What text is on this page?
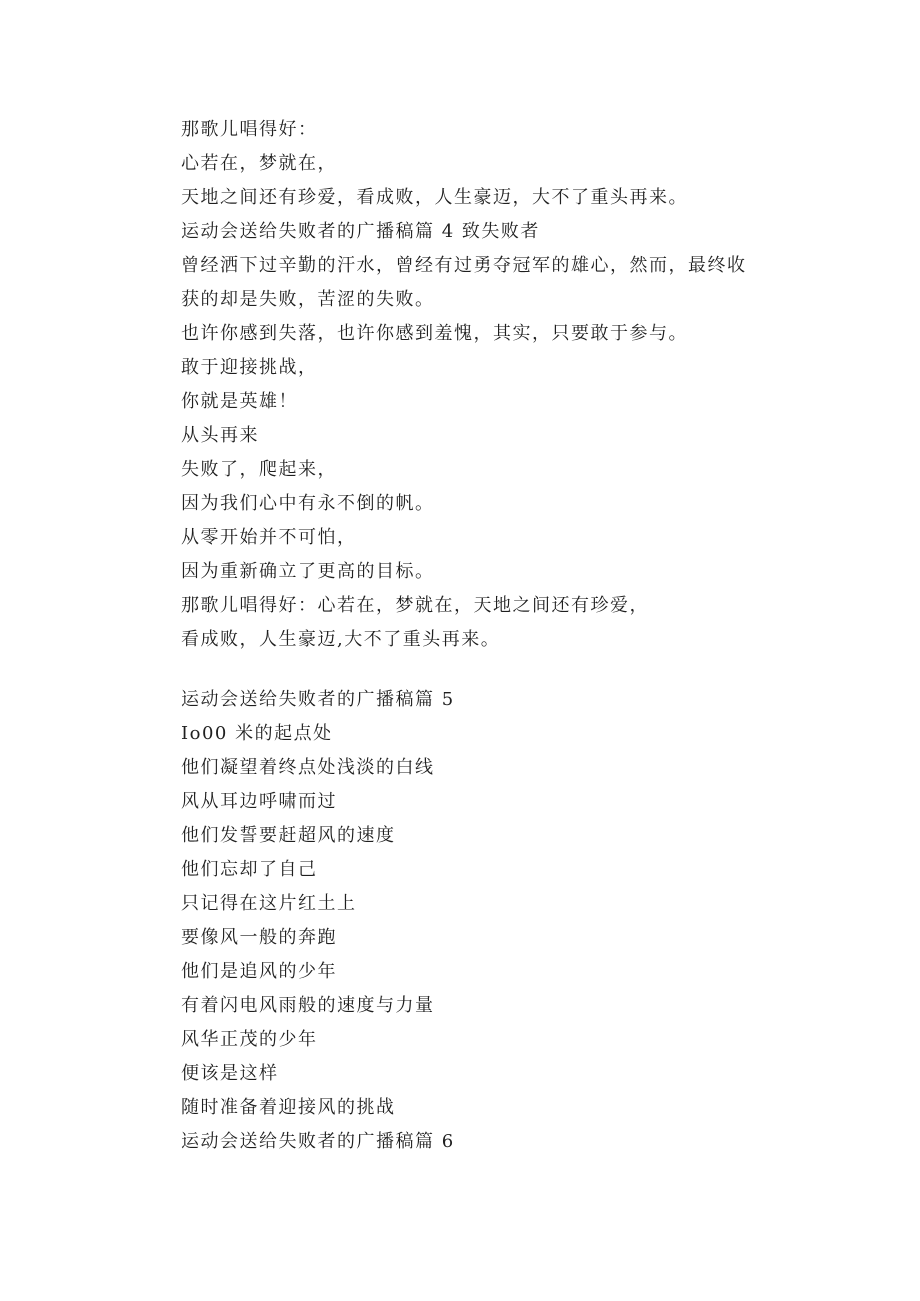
那歌儿唱得好：
心若在，梦就在，
天地之间还有珍爱，看成败，人生豪迈，大不了重头再来。
运动会送给失败者的广播稿篇 4 致失败者
曾经洒下过辛勤的汗水，曾经有过勇夺冠军的雄心，然而，最终收
获的却是失败，苦涩的失败。
也许你感到失落，也许你感到羞愧，其实，只要敢于参与。
敢于迎接挑战，
你就是英雄！
从头再来
失败了，爬起来，
因为我们心中有永不倒的帆。
从零开始并不可怕，
因为重新确立了更高的目标。
那歌儿唱得好：心若在，梦就在，天地之间还有珍爱，
看成败，人生豪迈,大不了重头再来。
运动会送给失败者的广播稿篇 5
Io00 米的起点处
他们凝望着终点处浅淡的白线
风从耳边呼啸而过
他们发誓要赶超风的速度
他们忘却了自己
只记得在这片红土上
要像风一般的奔跑
他们是追风的少年
有着闪电风雨般的速度与力量
风华正茂的少年
便该是这样
随时准备着迎接风的挑战
运动会送给失败者的广播稿篇 6
